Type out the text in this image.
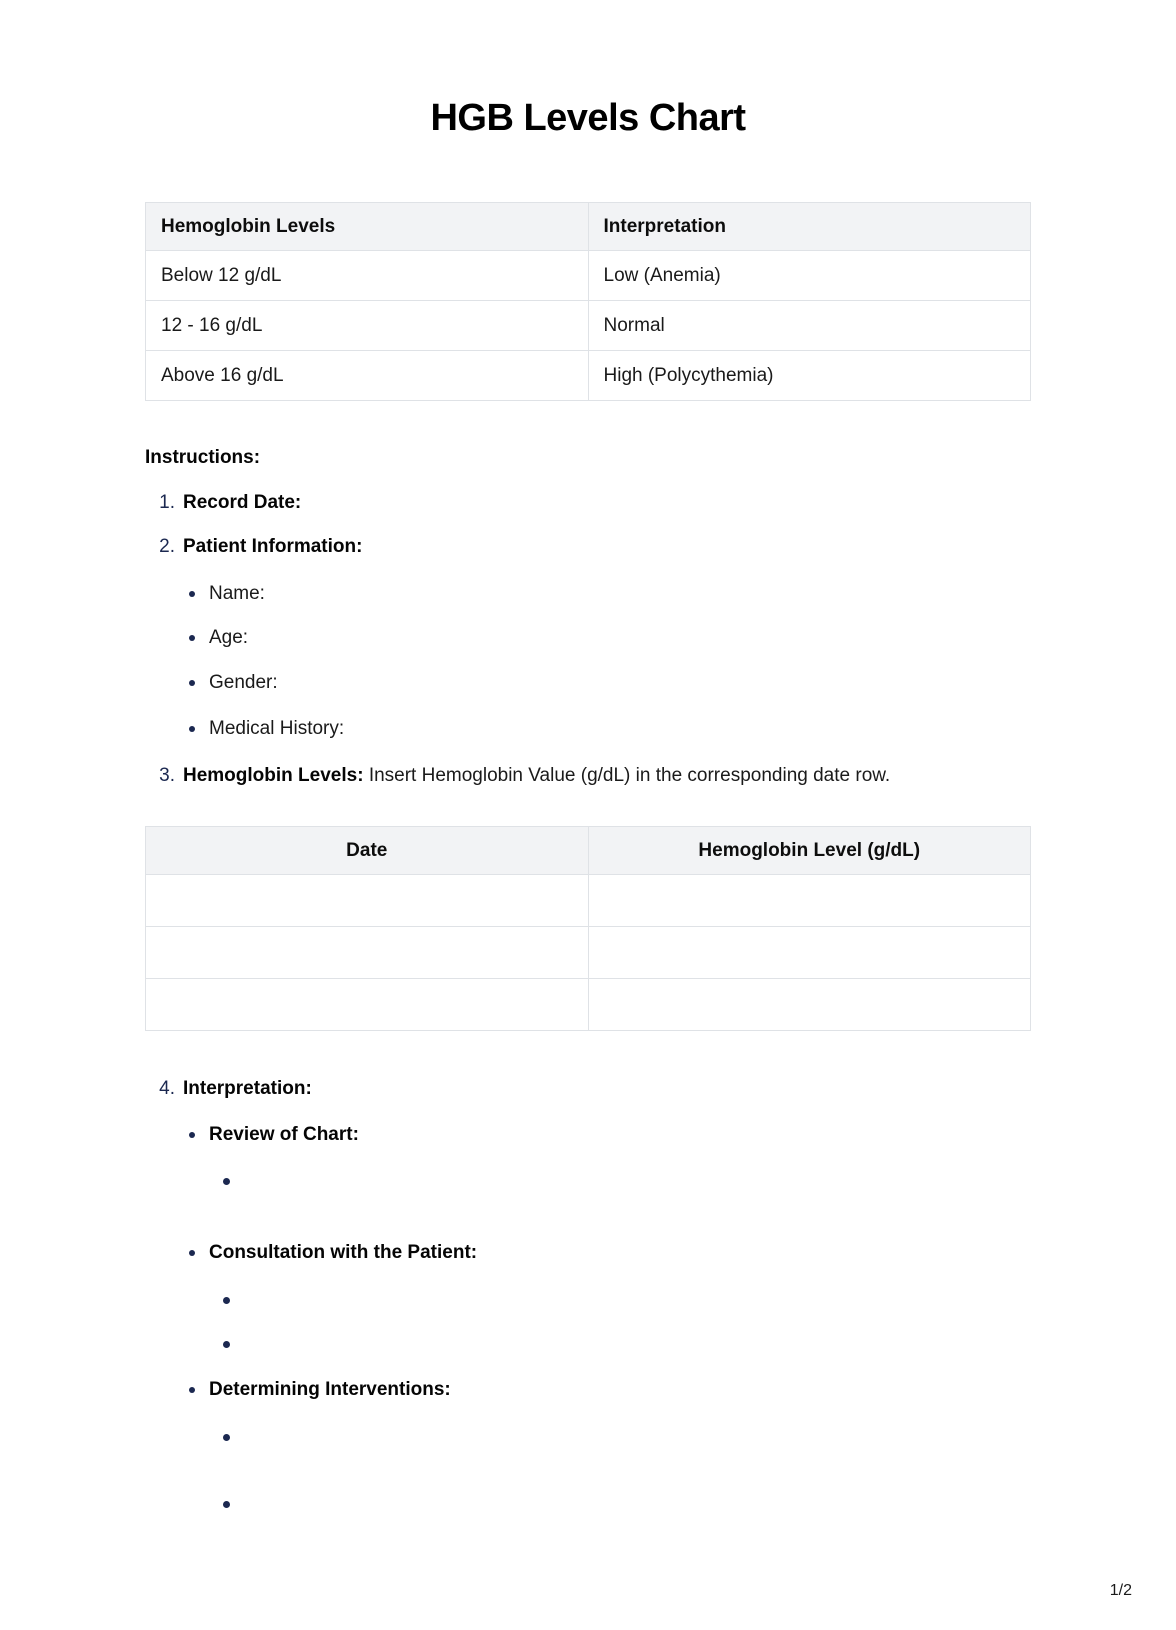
HGB Levels Chart
Hemoglobin Levels	Interpretation
Below 12 g/dL	Low (Anemia)
12 - 16 g/dL	Normal
Above 16 g/dL	High (Polycythemia)
Instructions:
1. Record Date:
2. Patient Information:
Name:
Age:
Gender:
Medical History:
3. Hemoglobin Levels: Insert Hemoglobin Value (g/dL) in the corresponding date row.
Date	Hemoglobin Level (g/dL)

4. Interpretation:
Review of Chart:
Consultation with the Patient:
Determining Interventions:
1/2
